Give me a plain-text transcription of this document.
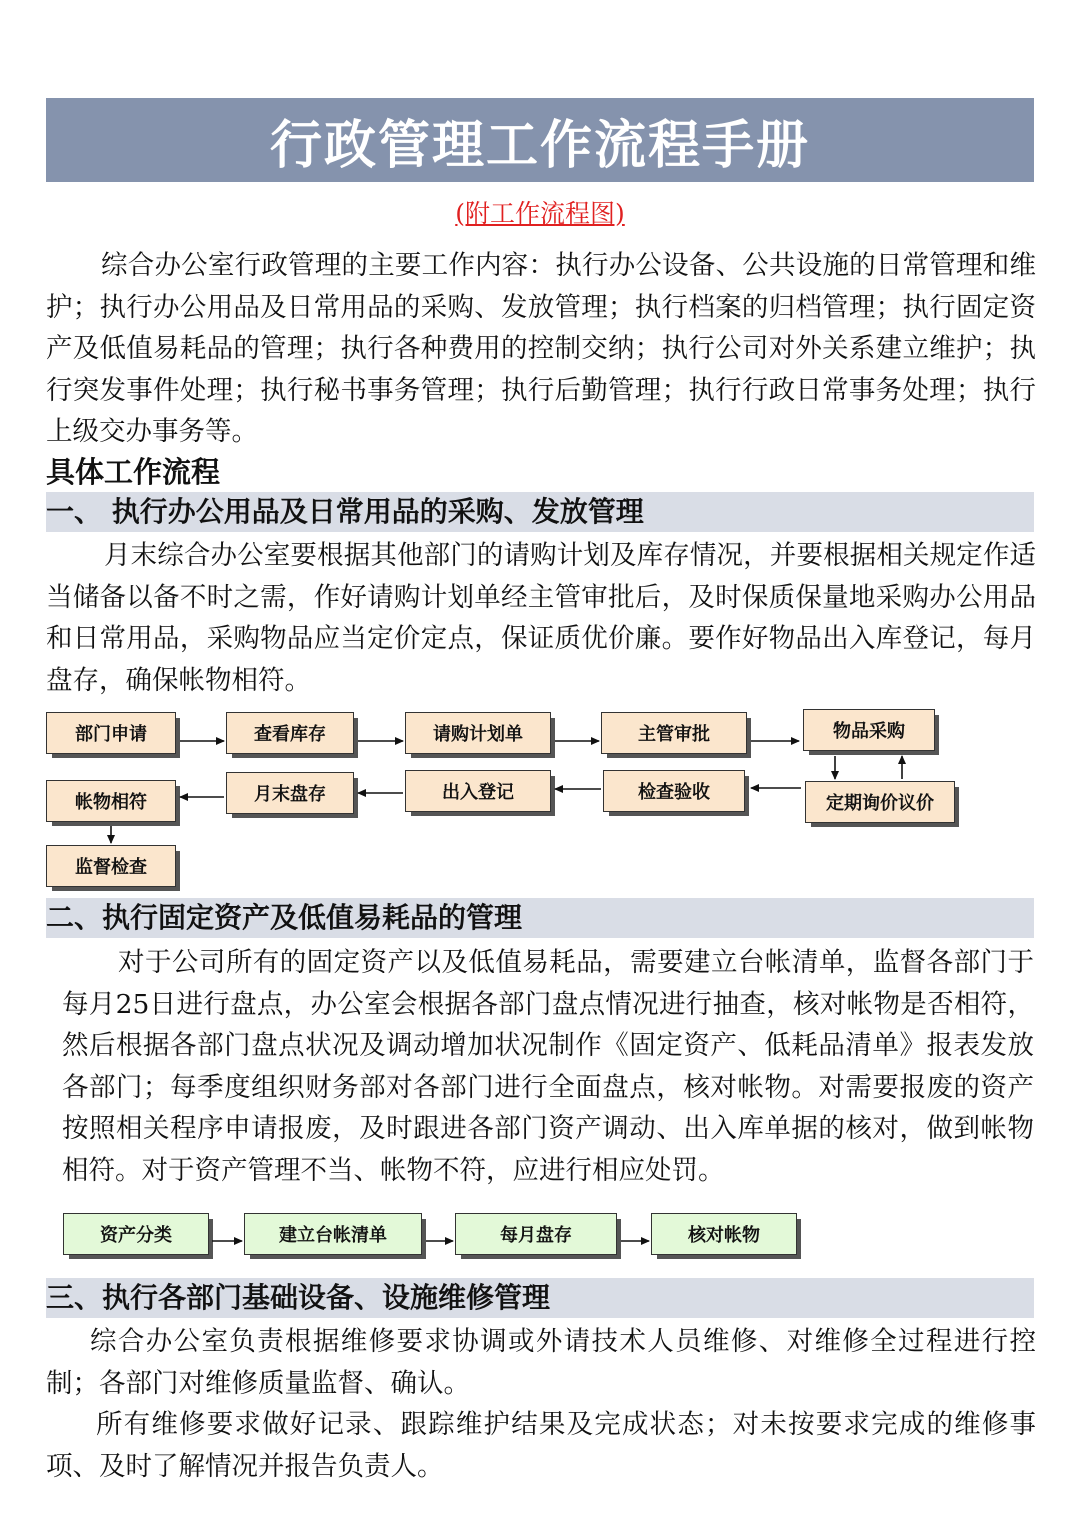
行政管理工作流程手册
(附工作流程图)
综合办公室行政管理的主要工作内容：执行办公设备、公共设施的日常管理和维护；执行办公用品及日常用品的采购、发放管理；执行档案的归档管理；执行固定资产及低值易耗品的管理；执行各种费用的控制交纳；执行公司对外关系建立维护；执行突发事件处理；执行秘书事务管理；执行后勤管理；执行行政日常事务处理；执行上级交办事务等。
具体工作流程
一、 执行办公用品及日常用品的采购、发放管理
月末综合办公室要根据其他部门的请购计划及库存情况，并要根据相关规定作适当储备以备不时之需，作好请购计划单经主管审批后，及时保质保量地采购办公用品和日常用品，采购物品应当定价定点，保证质优价廉。要作好物品出入库登记，每月盘存，确保帐物相符。
部门申请	查看库存	请购计划单	主管审批	物品采购
定期询价议价
检查验收
出入登记
月末盘存
帐物相符
监督检查
二、执行固定资产及低值易耗品的管理
对于公司所有的固定资产以及低值易耗品，需要建立台帐清单，监督各部门于每月25日进行盘点，办公室会根据各部门盘点情况进行抽查，核对帐物是否相符，然后根据各部门盘点状况及调动增加状况制作《固定资产、低耗品清单》报表发放各部门；每季度组织财务部对各部门进行全面盘点，核对帐物。对需要报废的资产按照相关程序申请报废，及时跟进各部门资产调动、出入库单据的核对，做到帐物相符。对于资产管理不当、帐物不符，应进行相应处罚。
资产分类	建立台帐清单	每月盘存	核对帐物
三、执行各部门基础设备、设施维修管理
综合办公室负责根据维修要求协调或外请技术人员维修、对维修全过程进行控制；各部门对维修质量监督、确认。
所有维修要求做好记录、跟踪维护结果及完成状态；对未按要求完成的维修事项、及时了解情况并报告负责人。
